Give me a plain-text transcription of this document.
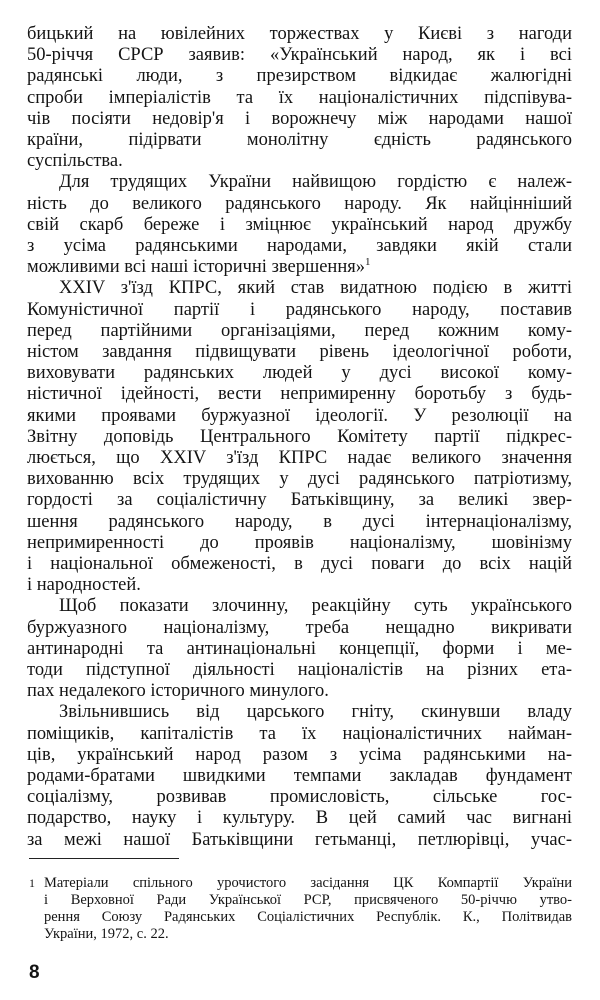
бицький на ювілейних торжествах у Києві з нагоди
50-річчя СРСР заявив: «Український народ, як і всі
радянські люди, з презирством відкидає жалюгідні
спроби імперіалістів та їх націоналістичних підспівува-
чів посіяти недовір'я і ворожнечу між народами нашої
країни, підірвати монолітну єдність радянського
суспільства.
Для трудящих України найвищою гордістю є належ-
ність до великого радянського народу. Як найцінніший
свій скарб береже і зміцнює український народ дружбу
з усіма радянськими народами, завдяки якій стали
можливими всі наші історичні звершення»$^1$
XXIV з'їзд КПРС, який став видатною подією в житті
Комуністичної партії і радянського народу, поставив
перед партійними організаціями, перед кожним кому-
ністом завдання підвищувати рівень ідеологічної роботи,
виховувати радянських людей у дусі високої кому-
ністичної ідейності, вести непримиренну боротьбу з будь-
якими проявами буржуазної ідеології. У резолюції на
Звітну доповідь Центрального Комітету партії підкрес-
люється, що XXIV з'їзд КПРС надає великого значення
вихованню всіх трудящих у дусі радянського патріотизму,
гордості за соціалістичну Батьківщину, за великі звер-
шення радянського народу, в дусі інтернаціоналізму,
непримиренності до проявів націоналізму, шовінізму
і національної обмеженості, в дусі поваги до всіх націй
і народностей.
Щоб показати злочинну, реакційну суть українського
буржуазного націоналізму, треба нещадно викривати
антинародні та антинаціональні концепції, форми і ме-
тоди підступної діяльності націоналістів на різних ета-
пах недалекого історичного минулого.
Звільнившись від царського гніту, скинувши владу
поміщиків, капіталістів та їх націоналістичних найман-
1 Матеріали спільного урочистого засідання ЦК Компартії України
і Верховної Ради Української РСР, присвяченого 50-річчю утво-
рення Союзу Радянських Соціалістичних Республік. К., Політвидав
України, 1972, с. 22.
8
ців, український народ разом з усіма радянськими на-
родами-братами швидкими темпами закладав фундамент
соціалізму, розвивав промисловість, сільське гос-
подарство, науку і культуру. В цей самий час вигнані
за межі нашої Батьківщини гетьманці, петлюрівці, учас-
